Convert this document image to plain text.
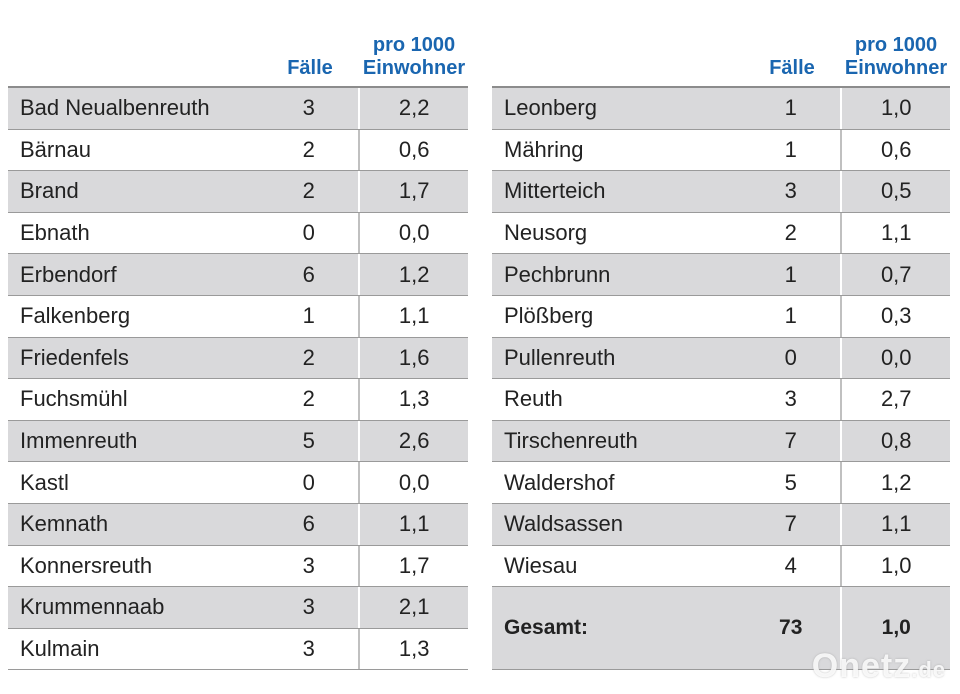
Fälle
pro 1000
Einwohner
Bad Neualbenreuth	3	2,2
Bärnau	2	0,6
Brand	2	1,7
Ebnath	0	0,0
Erbendorf	6	1,2
Falkenberg	1	1,1
Friedenfels	2	1,6
Fuchsmühl	2	1,3
Immenreuth	5	2,6
Kastl	0	0,0
Kemnath	6	1,1
Konnersreuth	3	1,7
Krummennaab	3	2,1
Kulmain	3	1,3
Fälle
pro 1000
Einwohner
Leonberg	1	1,0
Mähring	1	0,6
Mitterteich	3	0,5
Neusorg	2	1,1
Pechbrunn	1	0,7
Plößberg	1	0,3
Pullenreuth	0	0,0
Reuth	3	2,7
Tirschenreuth	7	0,8
Waldershof	5	1,2
Waldsassen	7	1,1
Wiesau	4	1,0
Gesamt:	73	1,0
Onetz.de
